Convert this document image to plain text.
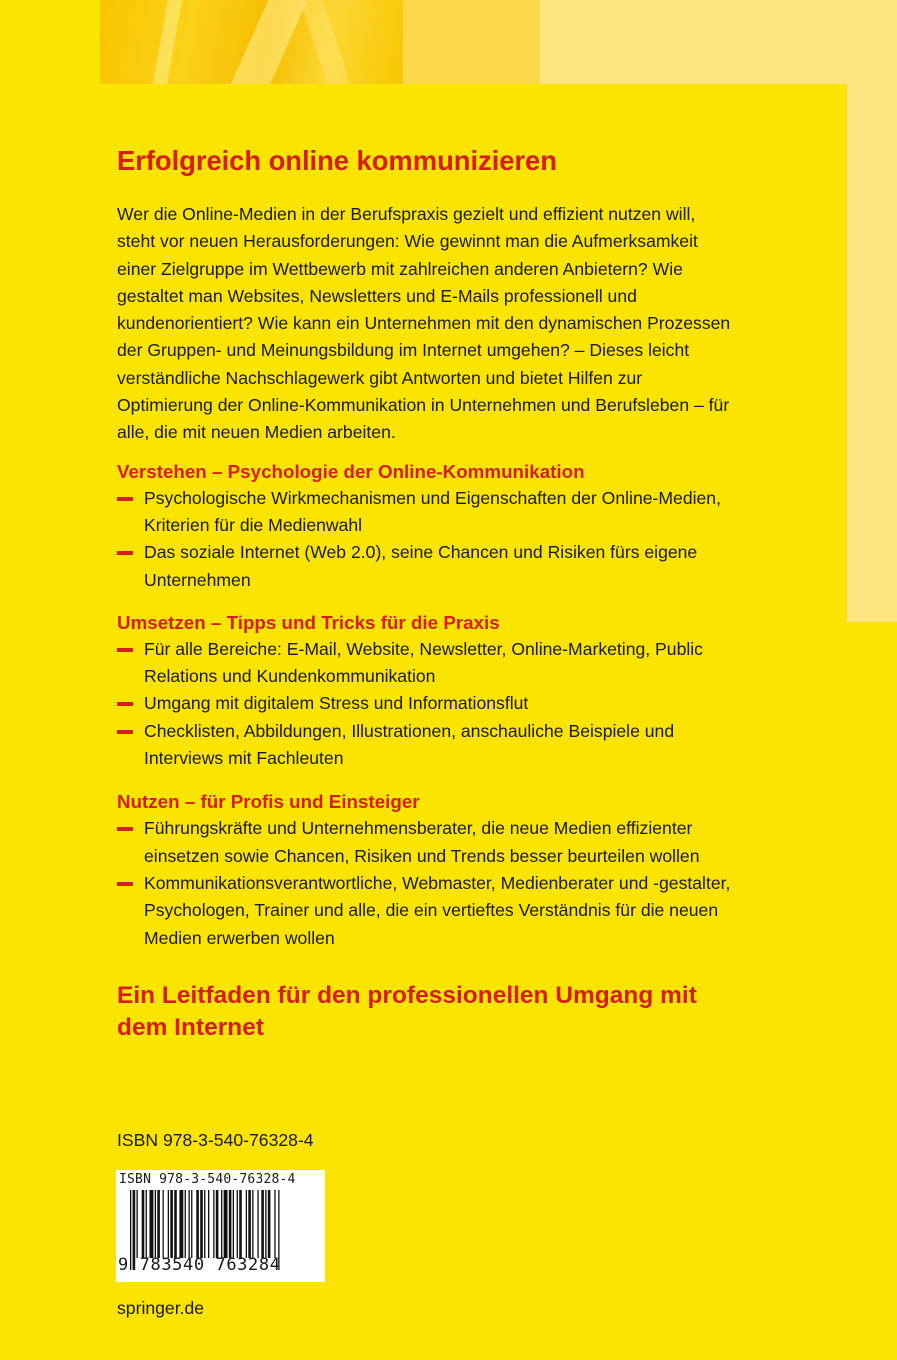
Erfolgreich online kommunizieren

Wer die Online-Medien in der Berufspraxis gezielt und effizient nutzen will, steht vor neuen Herausforderungen: Wie gewinnt man die Aufmerksamkeit einer Zielgruppe im Wettbewerb mit zahlreichen anderen Anbietern? Wie gestaltet man Websites, Newsletters und E-Mails professionell und kundenorientiert? Wie kann ein Unternehmen mit den dynamischen Prozessen der Gruppen- und Meinungsbildung im Internet umgehen? – Dieses leicht verständliche Nachschlagewerk gibt Antworten und bietet Hilfen zur Optimierung der Online-Kommunikation in Unternehmen und Berufsleben – für alle, die mit neuen Medien arbeiten.

Verstehen – Psychologie der Online-Kommunikation
Psychologische Wirkmechanismen und Eigenschaften der Online-Medien, Kriterien für die Medienwahl
Das soziale Internet (Web 2.0), seine Chancen und Risiken fürs eigene Unternehmen
Umsetzen – Tipps und Tricks für die Praxis
Für alle Bereiche: E-Mail, Website, Newsletter, Online-Marketing, Public Relations und Kundenkommunikation
Umgang mit digitalem Stress und Informationsflut
Checklisten, Abbildungen, Illustrationen, anschauliche Beispiele und Interviews mit Fachleuten
Nutzen – für Profis und Einsteiger
Führungskräfte und Unternehmensberater, die neue Medien effizienter einsetzen sowie Chancen, Risiken und Trends besser beurteilen wollen
Kommunikationsverantwortliche, Webmaster, Medienberater und -gestalter, Psychologen, Trainer und alle, die ein vertieftes Verständnis für die neuen Medien erwerben wollen

Ein Leitfaden für den professionellen Umgang mit dem Internet

ISBN 978-3-540-76328-4

ISBN 978-3-540-76328-4
9 783540 763284

springer.de
